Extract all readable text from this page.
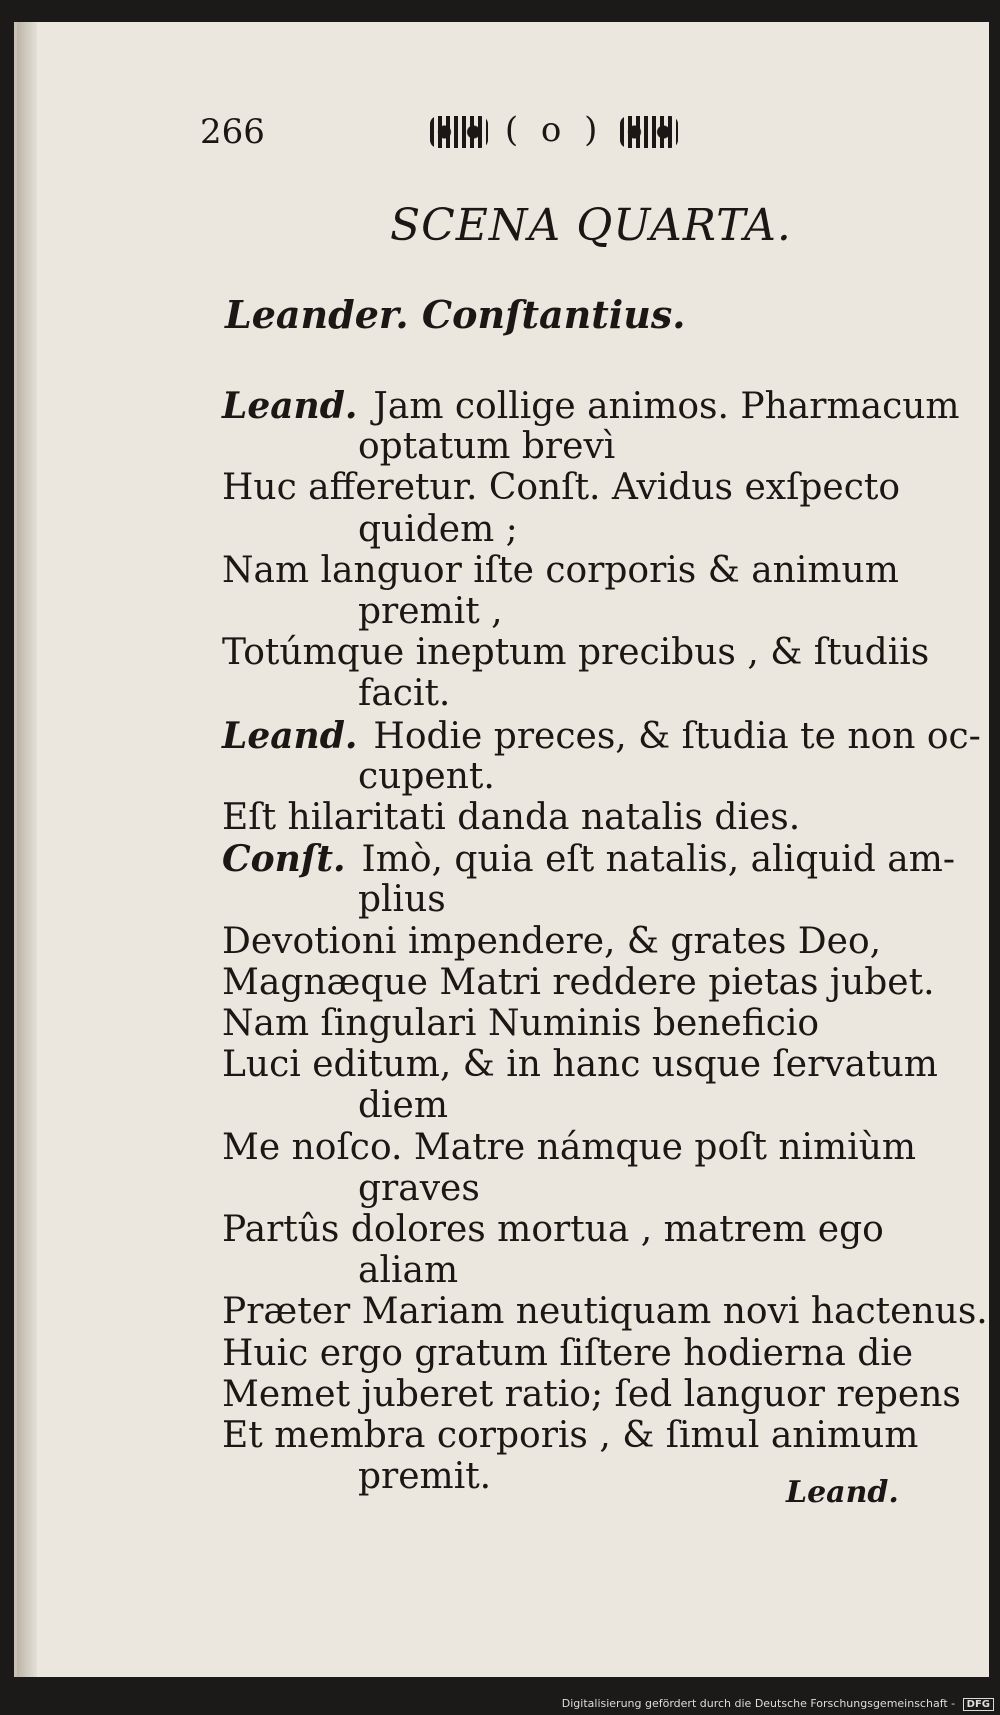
266	( o )
SCENA QUARTA.
Leander. Conſtantius.
Leand. Jam collige animos. Pharmacum
optatum brevì
Huc afferetur. Conſt. Avidus exſpecto
quidem ;
Nam languor iſte corporis & animum
premit ,
Totúmque ineptum precibus , & ſtudiis
facit.
Leand. Hodie preces, & ſtudia te non oc-
cupent.
Eſt hilaritati danda natalis dies.
Conſt. Imò, quia eſt natalis, aliquid am-
plius
Devotioni impendere, & grates Deo,
Magnæque Matri reddere pietas jubet.
Nam ſingulari Numinis beneficio
Luci editum, & in hanc usque ſervatum
diem
Me noſco. Matre námque poſt nimiùm
graves
Partûs dolores mortua , matrem ego
aliam
Præter Mariam neutiquam novi hactenus.
Huic ergo gratum ſiſtere hodierna die
Memet juberet ratio; ſed languor repens
Et membra corporis , & ſimul animum
premit.	Leand.
Digitalisierung gefördert durch die Deutsche Forschungsgemeinschaft - DFG
